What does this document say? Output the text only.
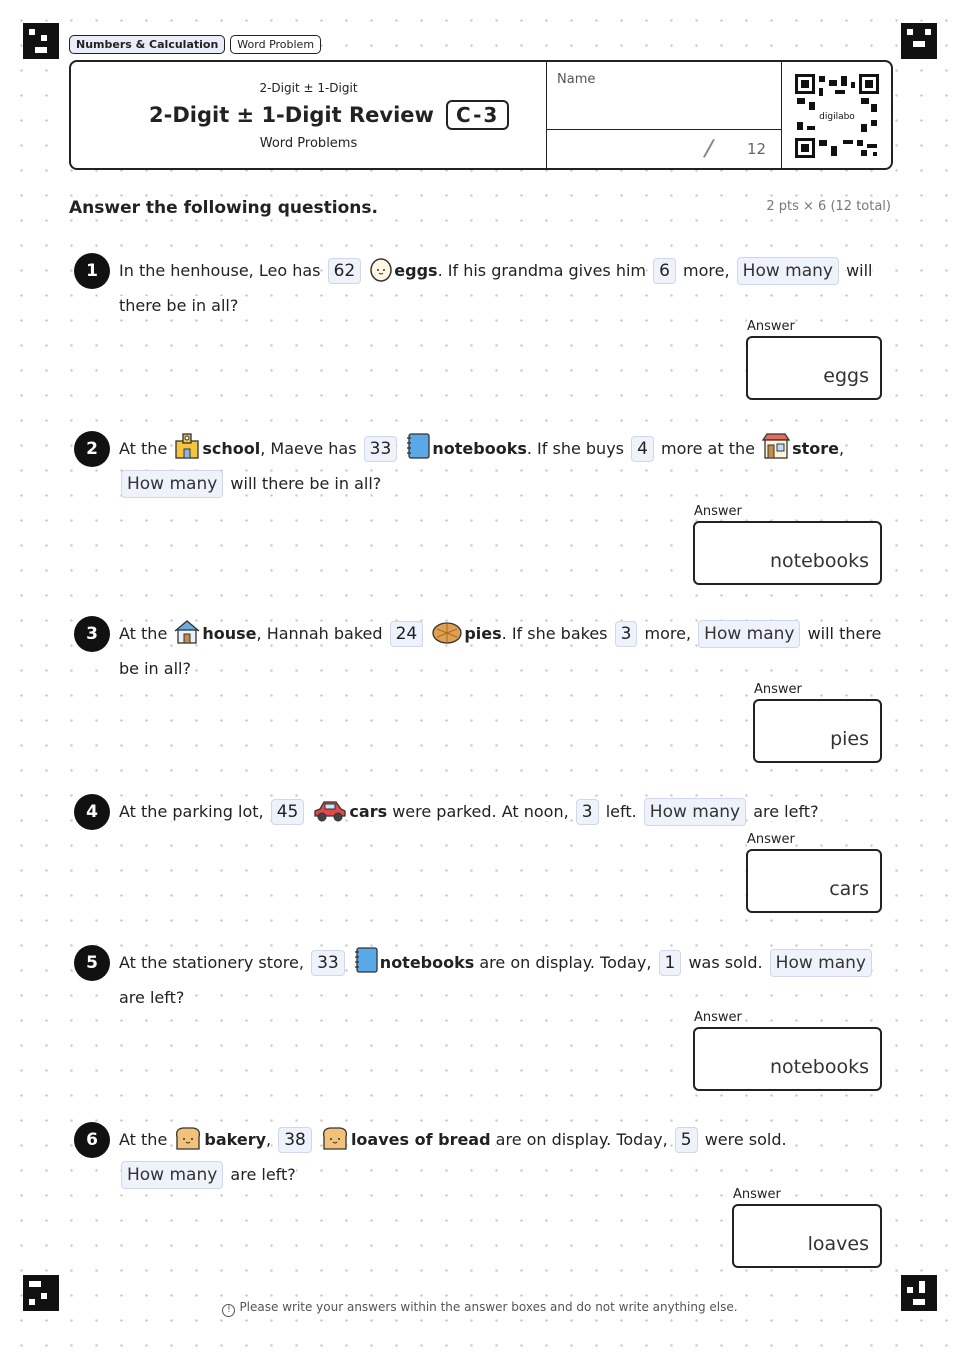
Numbers & Calculation	Word Problem
2-Digit ± 1-Digit
2-Digit ± 1-Digit Review	C-3
Word Problems
Name
/ 12
digilabo
Answer the following questions.	2 pts × 6 (12 total)
1	In the henhouse, Leo has 62 eggs. If his grandma gives him 6 more, How many will there be in all?
Answer
eggs
2	At the school, Maeve has 33	notebooks. If she buys 4 more at the store, How many will there be in all?
Answer
notebooks
3	At the house, Hannah baked 24	pies. If she bakes 3 more, How many will there be in all?
Answer
pies
4	At the parking lot, 45	cars were parked. At noon, 3 left. How many are left?
Answer
cars
5	At the stationery store, 33	notebooks are on display. Today, 1 was sold. How many are left?
Answer
notebooks
6	At the bakery, 38	loaves of bread are on display. Today, 5 were sold. How many are left?
Answer
loaves
! Please write your answers within the answer boxes and do not write anything else.
